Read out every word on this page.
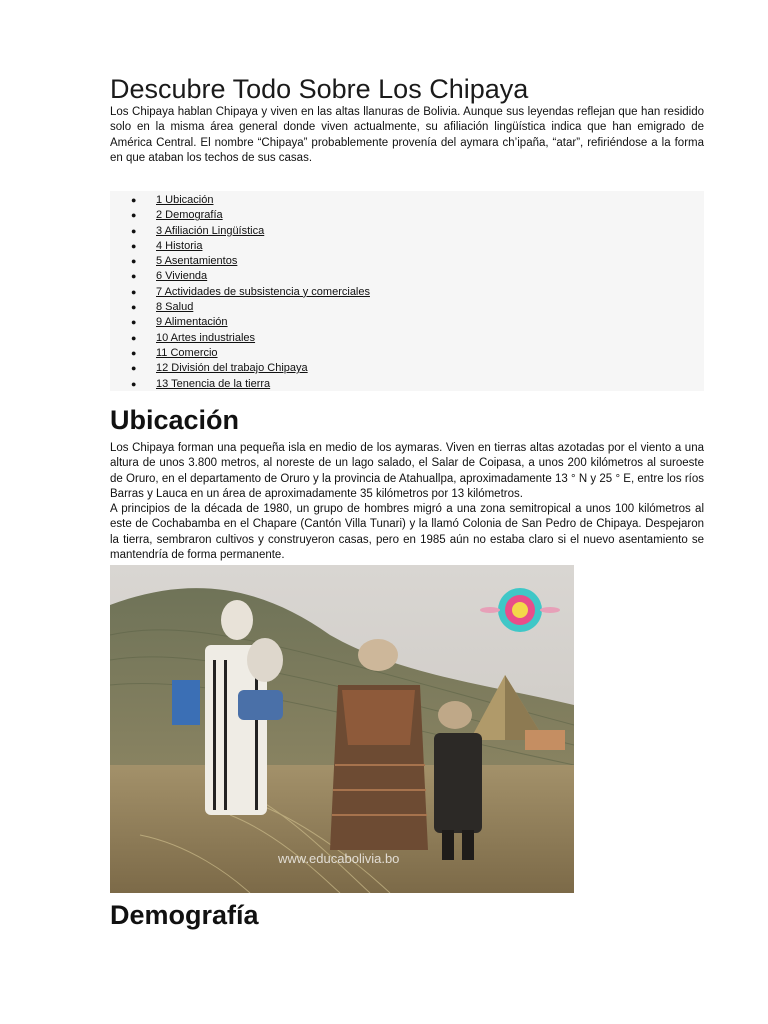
Descubre Todo Sobre Los Chipaya

Los Chipaya hablan Chipaya y viven en las altas llanuras de Bolivia. Aunque sus leyendas reflejan que han residido solo en la misma área general donde viven actualmente, su afiliación lingüística indica que han emigrado de América Central. El nombre “Chipaya” probablemente provenía del aymara ch’ipaña, “atar”, refiriéndose a la forma en que ataban los techos de sus casas.

● 1 Ubicación
● 2 Demografía
● 3 Afiliación Lingüística
● 4 Historia
● 5 Asentamientos
● 6 Vivienda
● 7 Actividades de subsistencia y comerciales
● 8 Salud
● 9 Alimentación
● 10 Artes industriales
● 11 Comercio
● 12 División del trabajo Chipaya
● 13 Tenencia de la tierra
Ubicación

Los Chipaya forman una pequeña isla en medio de los aymaras. Viven en tierras altas azotadas por el viento a una altura de unos 3.800 metros, al noreste de un lago salado, el Salar de Coipasa, a unos 200 kilómetros al suroeste de Oruro, en el departamento de Oruro y la provincia de Atahuallpa, aproximadamente 13 ° N y 25 ° E, entre los ríos Barras y Lauca en un área de aproximadamente 35 kilómetros por 13 kilómetros.

A principios de la década de 1980, un grupo de hombres migró a una zona semitropical a unos 100 kilómetros al este de Cochabamba en el Chapare (Cantón Villa Tunari) y la llamó Colonia de San Pedro de Chipaya. Despejaron la tierra, sembraron cultivos y construyeron casas, pero en 1985 aún no estaba claro si el nuevo asentamiento se mantendría de forma permanente.

www.educabolivia.bo
Demografía
